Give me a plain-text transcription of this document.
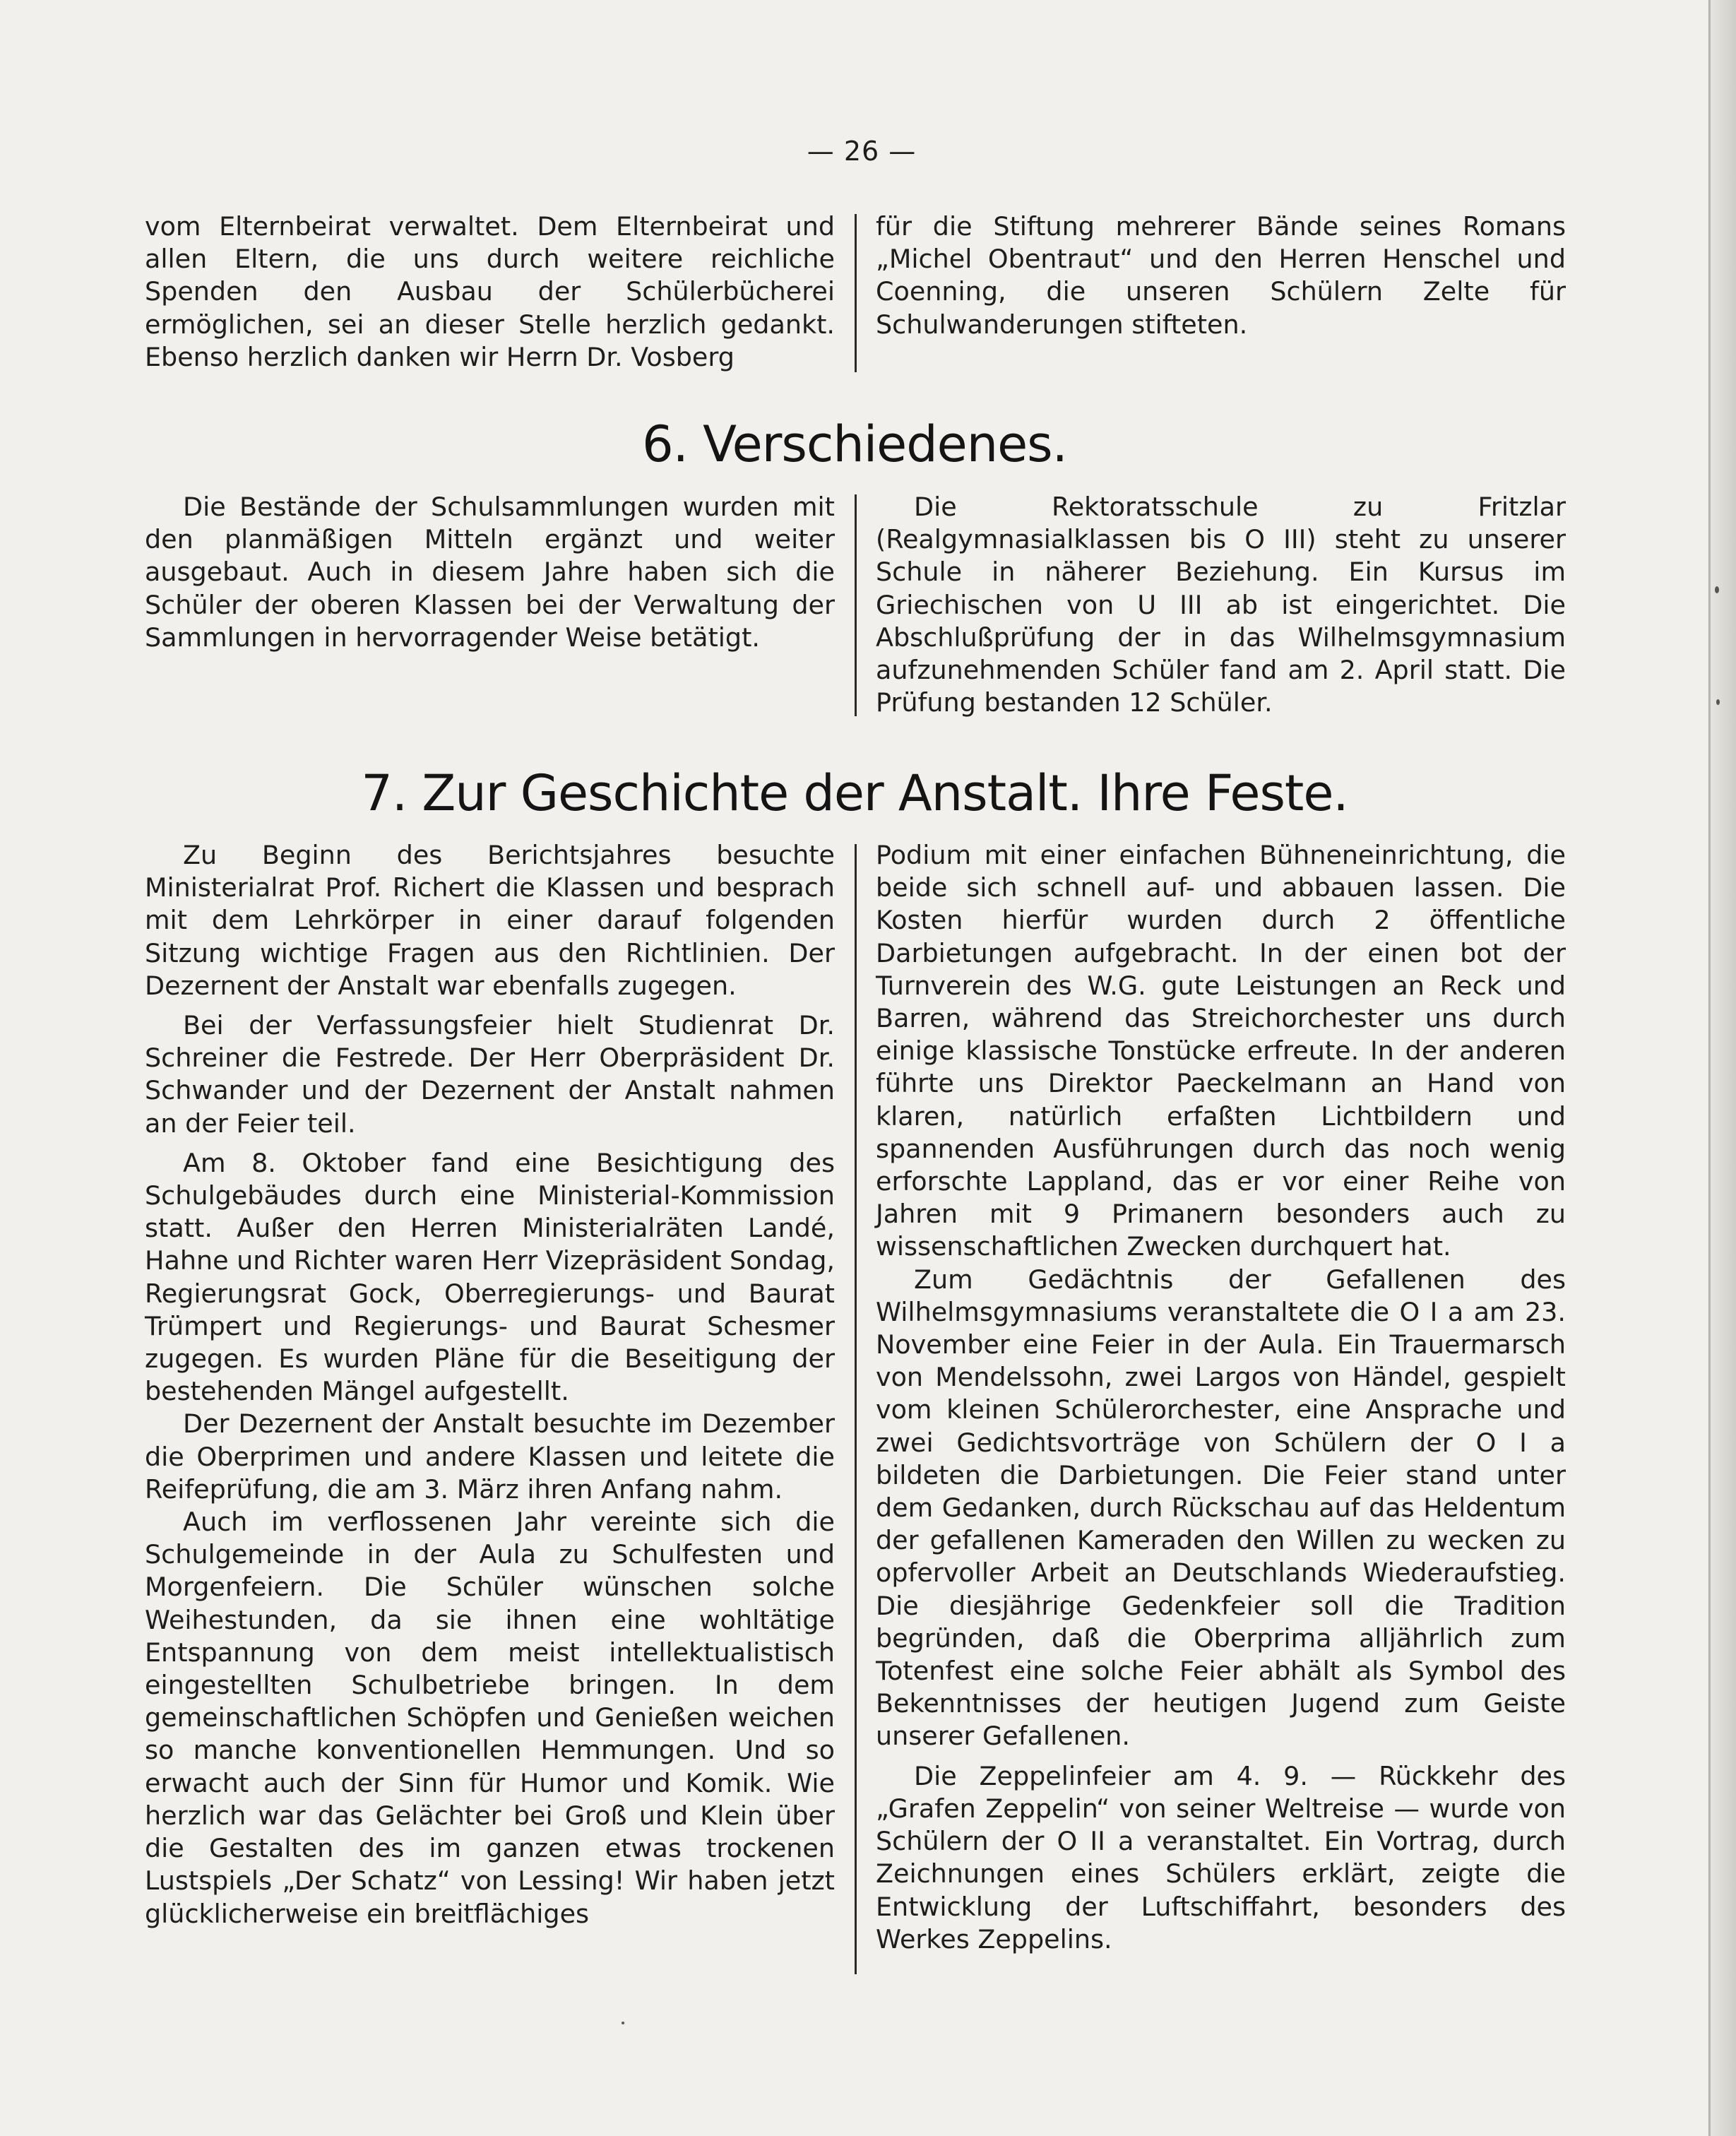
— 26 —

vom Elternbeirat verwaltet. Dem Elternbeirat und allen Eltern, die uns durch weitere reichliche Spenden den Ausbau der Schülerbücherei ermöglichen, sei an dieser Stelle herzlich gedankt. Ebenso herzlich danken wir Herrn Dr. Vosberg

für die Stiftung mehrerer Bände seines Romans „Michel Obentraut“ und den Herren Henschel und Coenning, die unseren Schülern Zelte für Schulwanderungen stifteten.

6. Verschiedenes.

Die Bestände der Schulsammlungen wurden mit den planmäßigen Mitteln ergänzt und weiter ausgebaut. Auch in diesem Jahre haben sich die Schüler der oberen Klassen bei der Verwaltung der Sammlungen in hervorragender Weise betätigt.

Die Rektoratsschule zu Fritzlar (Realgymnasialklassen bis O III) steht zu unserer Schule in näherer Beziehung. Ein Kursus im Griechischen von U III ab ist eingerichtet. Die Abschlußprüfung der in das Wilhelmsgymnasium aufzunehmenden Schüler fand am 2. April statt. Die Prüfung bestanden 12 Schüler.

7. Zur Geschichte der Anstalt. Ihre Feste.

Zu Beginn des Berichtsjahres besuchte Ministerialrat Prof. Richert die Klassen und besprach mit dem Lehrkörper in einer darauf folgenden Sitzung wichtige Fragen aus den Richtlinien. Der Dezernent der Anstalt war ebenfalls zugegen.

Bei der Verfassungsfeier hielt Studienrat Dr. Schreiner die Festrede. Der Herr Oberpräsident Dr. Schwander und der Dezernent der Anstalt nahmen an der Feier teil.

Am 8. Oktober fand eine Besichtigung des Schulgebäudes durch eine Ministerial-Kommission statt. Außer den Herren Ministerialräten Landé, Hahne und Richter waren Herr Vizepräsident Sondag, Regierungsrat Gock, Oberregierungs- und Baurat Trümpert und Regierungs- und Baurat Schesmer zugegen. Es wurden Pläne für die Beseitigung der bestehenden Mängel aufgestellt.

Der Dezernent der Anstalt besuchte im Dezember die Oberprimen und andere Klassen und leitete die Reifeprüfung, die am 3. März ihren Anfang nahm.

Auch im verflossenen Jahr vereinte sich die Schulgemeinde in der Aula zu Schulfesten und Morgenfeiern. Die Schüler wünschen solche Weihestunden, da sie ihnen eine wohltätige Entspannung von dem meist intellektualistisch eingestellten Schulbetriebe bringen. In dem gemeinschaftlichen Schöpfen und Genießen weichen so manche konventionellen Hemmungen. Und so erwacht auch der Sinn für Humor und Komik. Wie herzlich war das Gelächter bei Groß und Klein über die Gestalten des im ganzen etwas trockenen Lustspiels „Der Schatz“ von Lessing! Wir haben jetzt glücklicherweise ein breitflächiges

Podium mit einer einfachen Bühneneinrichtung, die beide sich schnell auf- und abbauen lassen. Die Kosten hierfür wurden durch 2 öffentliche Darbietungen aufgebracht. In der einen bot der Turnverein des W.G. gute Leistungen an Reck und Barren, während das Streichorchester uns durch einige klassische Tonstücke erfreute. In der anderen führte uns Direktor Paeckelmann an Hand von klaren, natürlich erfaßten Lichtbildern und spannenden Ausführungen durch das noch wenig erforschte Lappland, das er vor einer Reihe von Jahren mit 9 Primanern besonders auch zu wissenschaftlichen Zwecken durchquert hat.

Zum Gedächtnis der Gefallenen des Wilhelmsgymnasiums veranstaltete die O I a am 23. November eine Feier in der Aula. Ein Trauermarsch von Mendelssohn, zwei Largos von Händel, gespielt vom kleinen Schülerorchester, eine Ansprache und zwei Gedichtsvorträge von Schülern der O I a bildeten die Darbietungen. Die Feier stand unter dem Gedanken, durch Rückschau auf das Heldentum der gefallenen Kameraden den Willen zu wecken zu opfervoller Arbeit an Deutschlands Wiederaufstieg. Die diesjährige Gedenkfeier soll die Tradition begründen, daß die Oberprima alljährlich zum Totenfest eine solche Feier abhält als Symbol des Bekenntnisses der heutigen Jugend zum Geiste unserer Gefallenen.

Die Zeppelinfeier am 4. 9. — Rückkehr des „Grafen Zeppelin“ von seiner Weltreise — wurde von Schülern der O II a veranstaltet. Ein Vortrag, durch Zeichnungen eines Schülers erklärt, zeigte die Entwicklung der Luftschiffahrt, besonders des Werkes Zeppelins.
